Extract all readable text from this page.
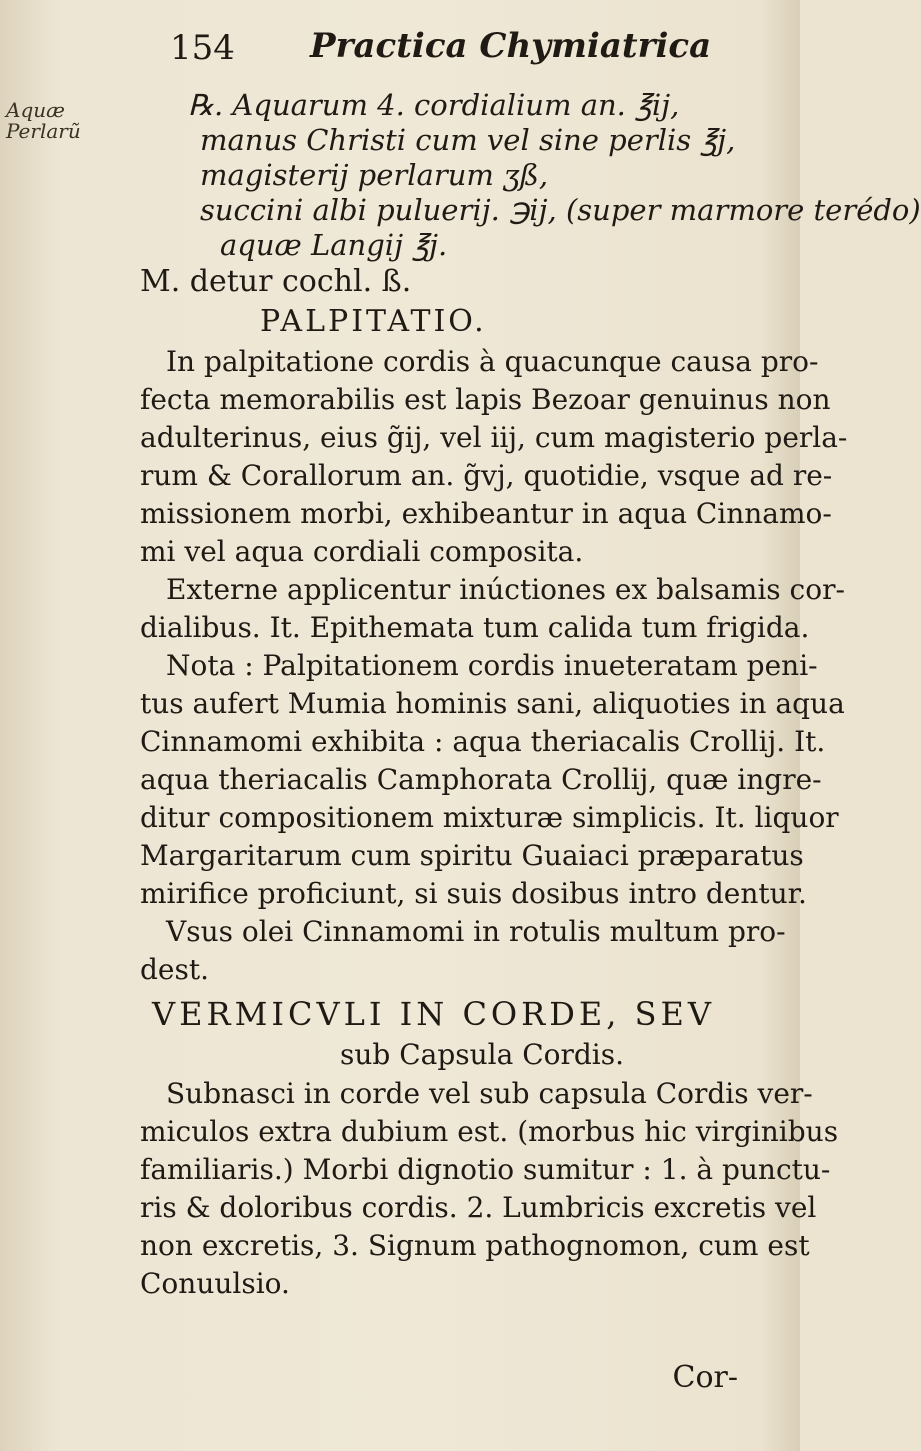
154 Practica Chymiatrica
Aquæ
Perlarũ
℞. Aquarum 4. cordialium an. ℥ij,
manus Christi cum vel sine perlis ℥j,
magisterij perlarum ʒß,
succini albi puluerij. ℈ij, (super marmore terédo)
aquæ Langij ℥j.
M. detur cochl. ß.
PALPITATIO.
In palpitatione cordis à quacunque causa pro-
fecta memorabilis est lapis Bezoar genuinus non
adulterinus, eius g̃ij, vel iij, cum magisterio perla-
rum & Corallorum an. g̃vj, quotidie, vsque ad re-
missionem morbi, exhibeantur in aqua Cinnamo-
mi vel aqua cordiali composita.
Externe applicentur inúctiones ex balsamis cor-
dialibus. It. Epithemata tum calida tum frigida.
Nota : Palpitationem cordis inueteratam peni-
tus aufert Mumia hominis sani, aliquoties in aqua
Cinnamomi exhibita : aqua theriacalis Crollij. It.
aqua theriacalis Camphorata Crollij, quæ ingre-
ditur compositionem mixturæ simplicis. It. liquor
Margaritarum cum spiritu Guaiaci præparatus
mirifice proficiunt, si suis dosibus intro dentur.
Vsus olei Cinnamomi in rotulis multum pro-
dest.
VERMICVLI IN CORDE, SEV
sub Capsula Cordis.
Subnasci in corde vel sub capsula Cordis ver-
miculos extra dubium est. (morbus hic virginibus
familiaris.) Morbi dignotio sumitur : 1. à punctu-
ris & doloribus cordis. 2. Lumbricis excretis vel
non excretis, 3. Signum pathognomon, cum est
Conuulsio.
Cor-
